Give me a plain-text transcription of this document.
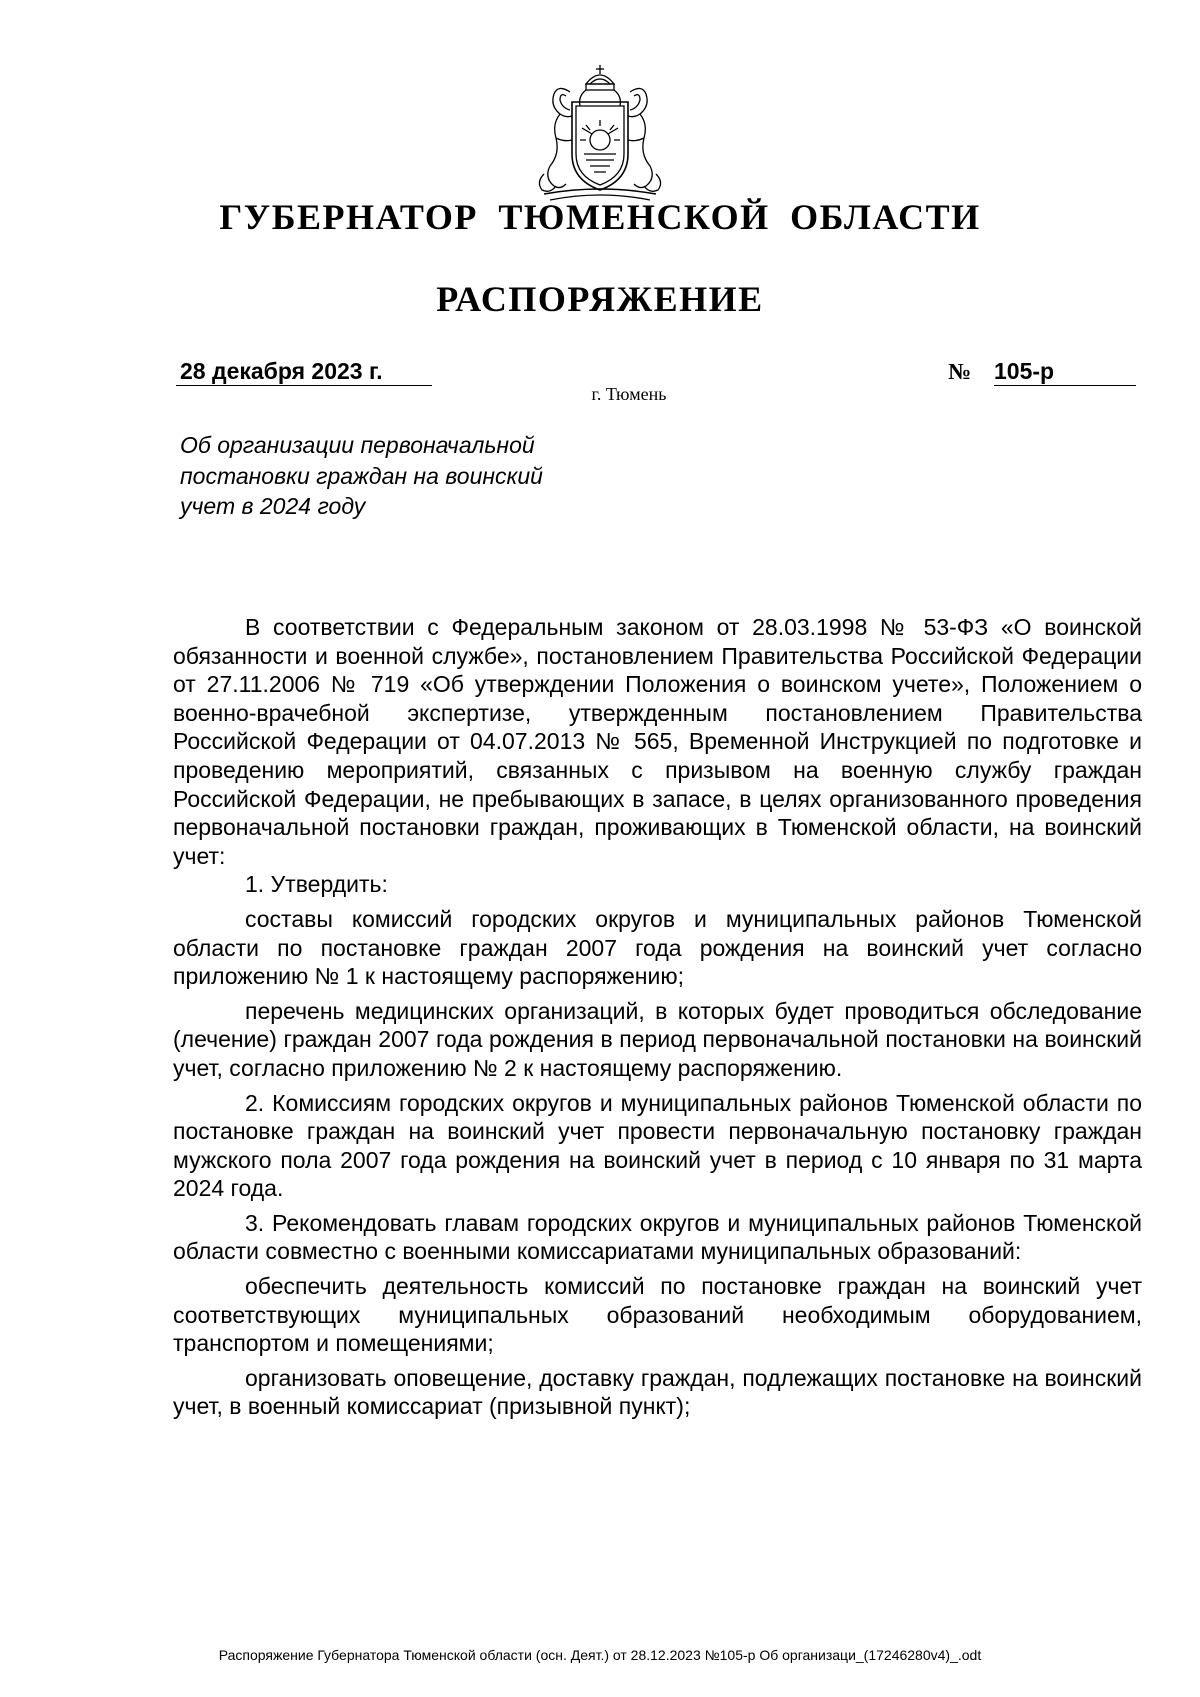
ГУБЕРНАТОР ТЮМЕНСКОЙ ОБЛАСТИ
РАСПОРЯЖЕНИЕ
28 декабря 2023 г.	№ 105-р
г. Тюмень
Об организации первоначальной
постановки граждан на воинский
учет в 2024 году

В соответствии с Федеральным законом от 28.03.1998 № 53-ФЗ «О воинской обязанности и военной службе», постановлением Правительства Российской Федерации от 27.11.2006 № 719 «Об утверждении Положения о воинском учете», Положением о военно-врачебной экспертизе, утвержденным постановлением Правительства Российской Федерации от 04.07.2013 № 565, Временной Инструкцией по подготовке и проведению мероприятий, связанных с призывом на военную службу граждан Российской Федерации, не пребывающих в запасе, в целях организованного проведения первоначальной постановки граждан, проживающих в Тюменской области, на воинский учет:

1. Утвердить:

составы комиссий городских округов и муниципальных районов Тюменской области по постановке граждан 2007 года рождения на воинский учет согласно приложению № 1 к настоящему распоряжению;

перечень медицинских организаций, в которых будет проводиться обследование (лечение) граждан 2007 года рождения в период первоначальной постановки на воинский учет, согласно приложению № 2 к настоящему распоряжению.

2. Комиссиям городских округов и муниципальных районов Тюменской области по постановке граждан на воинский учет провести первоначальную постановку граждан мужского пола 2007 года рождения на воинский учет в период с 10 января по 31 марта 2024 года.

3. Рекомендовать главам городских округов и муниципальных районов Тюменской области совместно с военными комиссариатами муниципальных образований:

обеспечить деятельность комиссий по постановке граждан на воинский учет соответствующих муниципальных образований необходимым оборудованием, транспортом и помещениями;

организовать оповещение, доставку граждан, подлежащих постановке на воинский учет, в военный комиссариат (призывной пункт);

Распоряжение Губернатора Тюменской области (осн. Деят.) от 28.12.2023 №105-р Об организаци_(17246280v4)_.odt
